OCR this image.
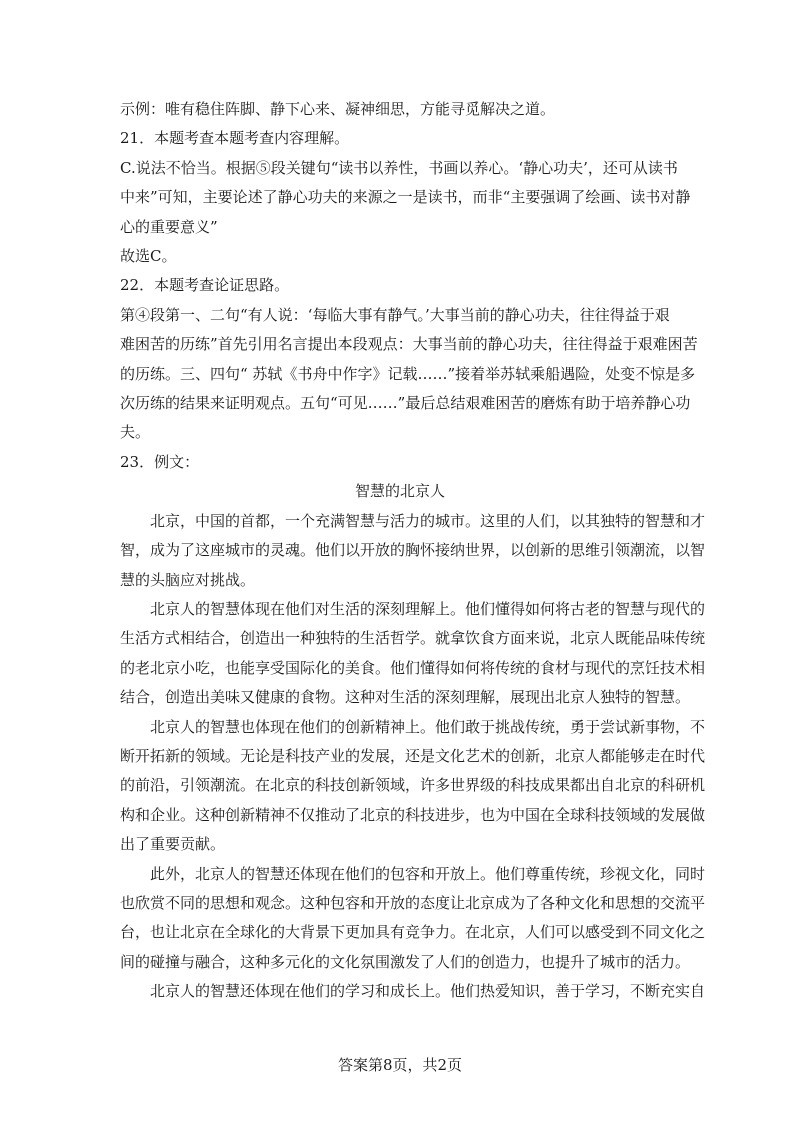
示例：唯有稳住阵脚、静下心来、凝神细思，方能寻觅解决之道。

21．本题考查本题考查内容理解。

C.说法不恰当。根据⑤段关键句“读书以养性，书画以养心。‘静心功夫’，还可从读书
中来”可知，主要论述了静心功夫的来源之一是读书，而非“主要强调了绘画、读书对静
心的重要意义”

故选C。

22．本题考查论证思路。

第④段第一、二句“有人说：‘每临大事有静气。’大事当前的静心功夫，往往得益于艰
难困苦的历练”首先引用名言提出本段观点：大事当前的静心功夫，往往得益于艰难困苦
的历练。三、四句“ 苏轼《书舟中作字》记载……”接着举苏轼乘船遇险，处变不惊是多
次历练的结果来证明观点。五句“可见……”最后总结艰难困苦的磨炼有助于培养静心功
夫。

23．例文：

智慧的北京人

北京，中国的首都，一个充满智慧与活力的城市。这里的人们，以其独特的智慧和才
智，成为了这座城市的灵魂。他们以开放的胸怀接纳世界，以创新的思维引领潮流，以智
慧的头脑应对挑战。

北京人的智慧体现在他们对生活的深刻理解上。他们懂得如何将古老的智慧与现代的
生活方式相结合，创造出一种独特的生活哲学。就拿饮食方面来说，北京人既能品味传统
的老北京小吃，也能享受国际化的美食。他们懂得如何将传统的食材与现代的烹饪技术相
结合，创造出美味又健康的食物。这种对生活的深刻理解，展现出北京人独特的智慧。

北京人的智慧也体现在他们的创新精神上。他们敢于挑战传统，勇于尝试新事物，不
断开拓新的领域。无论是科技产业的发展，还是文化艺术的创新，北京人都能够走在时代
的前沿，引领潮流。在北京的科技创新领域，许多世界级的科技成果都出自北京的科研机
构和企业。这种创新精神不仅推动了北京的科技进步，也为中国在全球科技领域的发展做
出了重要贡献。

此外，北京人的智慧还体现在他们的包容和开放上。他们尊重传统，珍视文化，同时
也欣赏不同的思想和观念。这种包容和开放的态度让北京成为了各种文化和思想的交流平
台，也让北京在全球化的大背景下更加具有竞争力。在北京，人们可以感受到不同文化之
间的碰撞与融合，这种多元化的文化氛围激发了人们的创造力，也提升了城市的活力。

北京人的智慧还体现在他们的学习和成长上。他们热爱知识，善于学习，不断充实自

答案第8页，共2页
